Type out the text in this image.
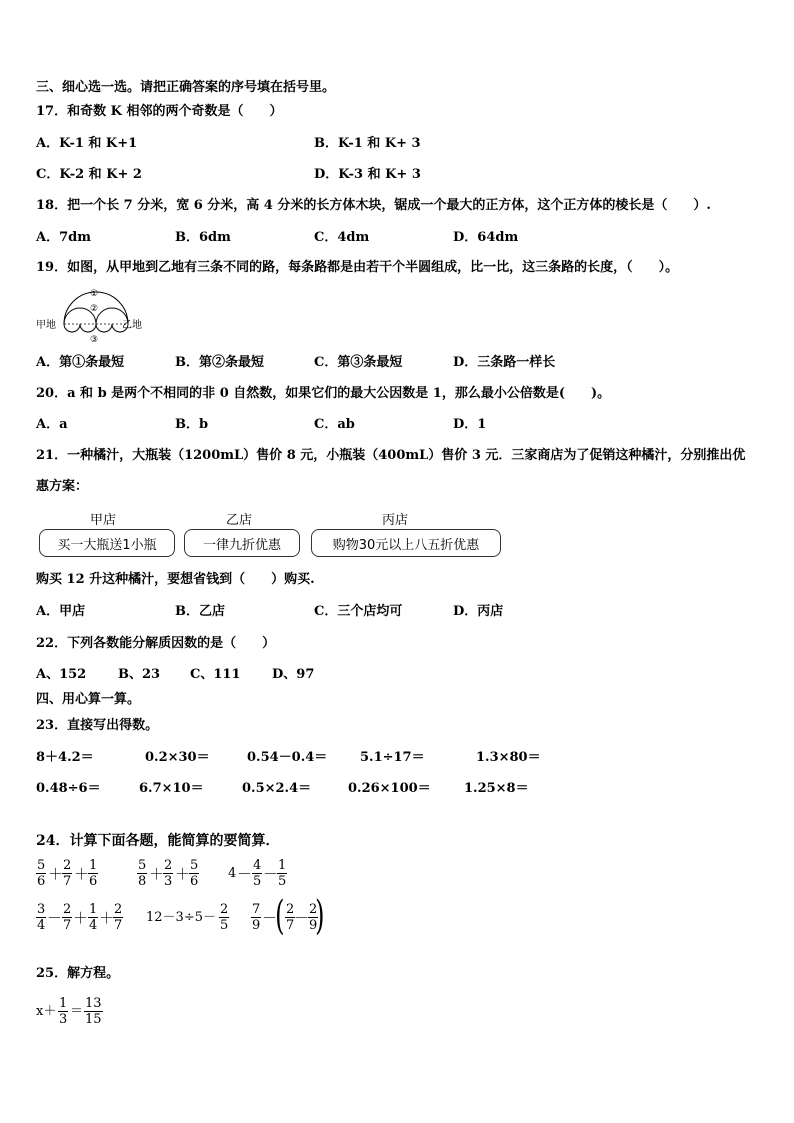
三、细心选一选。请把正确答案的序号填在括号里。
17．和奇数 K 相邻的两个奇数是（　　）
A．K-1 和 K+1	B．K-1 和 K+ 3
C．K-2 和 K+ 2	D．K-3 和 K+ 3
18．把一个长 7 分米，宽 6 分米，高 4 分米的长方体木块，锯成一个最大的正方体，这个正方体的棱长是（　　）.
A．7dm	B．6dm	C．4dm	D．64dm
19．如图，从甲地到乙地有三条不同的路，每条路都是由若干个半圆组成，比一比，这三条路的长度，（　　）。
甲地	乙地
①
②
③
A．第①条最短	B．第②条最短	C．第③条最短	D．三条路一样长
20．a 和 b 是两个不相同的非 0 自然数，如果它们的最大公因数是 1，那么最小公倍数是(　　)。
A．a	B．b	C．ab	D．1
21．一种橘汁，大瓶装（1200mL）售价 8 元，小瓶装（400mL）售价 3 元．三家商店为了促销这种橘汁，分别推出优
惠方案：
甲店	乙店	丙店
买一大瓶送1小瓶	一律九折优惠	购物30元以上八五折优惠
购买 12 升这种橘汁，要想省钱到（　　）购买.
A．甲店	B．乙店	C．三个店均可	D．丙店
22．下列各数能分解质因数的是（　　）
A、152 B、23 C、111 D、97
四、用心算一算。
23．直接写出得数。
8＋4.2＝	0.2×30＝	0.54－0.4＝	5.1÷17＝	1.3×80＝
0.48÷6＝	6.7×10＝	0.5×2.4＝	0.26×100＝	1.25×8＝
24．计算下面各题，能简算的要简算．
5
6 ＋ 2
7 ＋ 1
6
5
8 ＋ 2
3 ＋ 5
6
4 － 4
5 － 1
5
3
4 － 2
7 ＋ 1
4 ＋ 2
7
12－3÷5－
2
5
7
9 －
( 2
7 － 2
9
)
25．解方程。
x＋
1
3
＝
13
15
